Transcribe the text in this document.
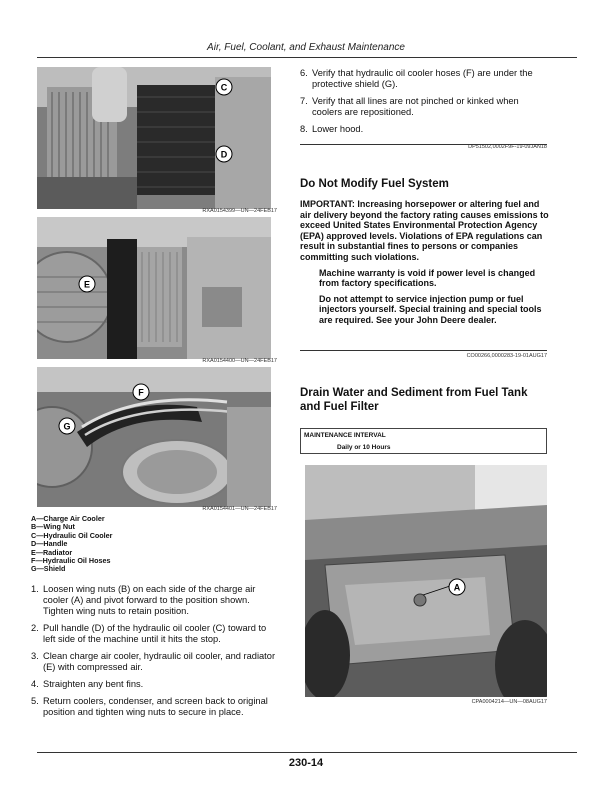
Air, Fuel, Coolant, and Exhaust Maintenance
C
D
RXA0154399—UN—24FEB17
E
RXA0154400—UN—24FEB17
F
G
RXA0154401—UN—24FEB17
A—Charge Air Cooler
B—Wing Nut
C—Hydraulic Oil Cooler
D—Handle
E—Radiator
F—Hydraulic Oil Hoses
G—Shield
1. Loosen wing nuts (B) on each side of the charge air cooler (A) and pivot forward to the position shown. Tighten wing nuts to retain position.
2. Pull handle (D) of the hydraulic oil cooler (C) toward to left side of the machine until it hits the stop.
3. Clean charge air cooler, hydraulic oil cooler, and radiator (E) with compressed air.
4. Straighten any bent fins.
5. Return coolers, condenser, and screen back to original position and tighten wing nuts to secure in place.
6. Verify that hydraulic oil cooler hoses (F) are under the protective shield (G).
7. Verify that all lines are not pinched or kinked when coolers are repositioned.
8. Lower hood.
DP51502,0002F9F-19-09JAN18
Do Not Modify Fuel System

IMPORTANT: Increasing horsepower or altering fuel and air delivery beyond the factory rating causes emissions to exceed United States Environmental Protection Agency (EPA) approved levels. Violations of EPA regulations can result in substantial fines to persons or companies committing such violations.

Machine warranty is void if power level is changed from factory specifications.

Do not attempt to service injection pump or fuel injectors yourself. Special training and special tools are required. See your John Deere dealer.

CO00266,0000283-19-01AUG17
Drain Water and Sediment from Fuel Tank and Fuel Filter
MAINTENANCE INTERVAL
Daily or 10 Hours
A
CPA0004214—UN—08AUG17
230-14
